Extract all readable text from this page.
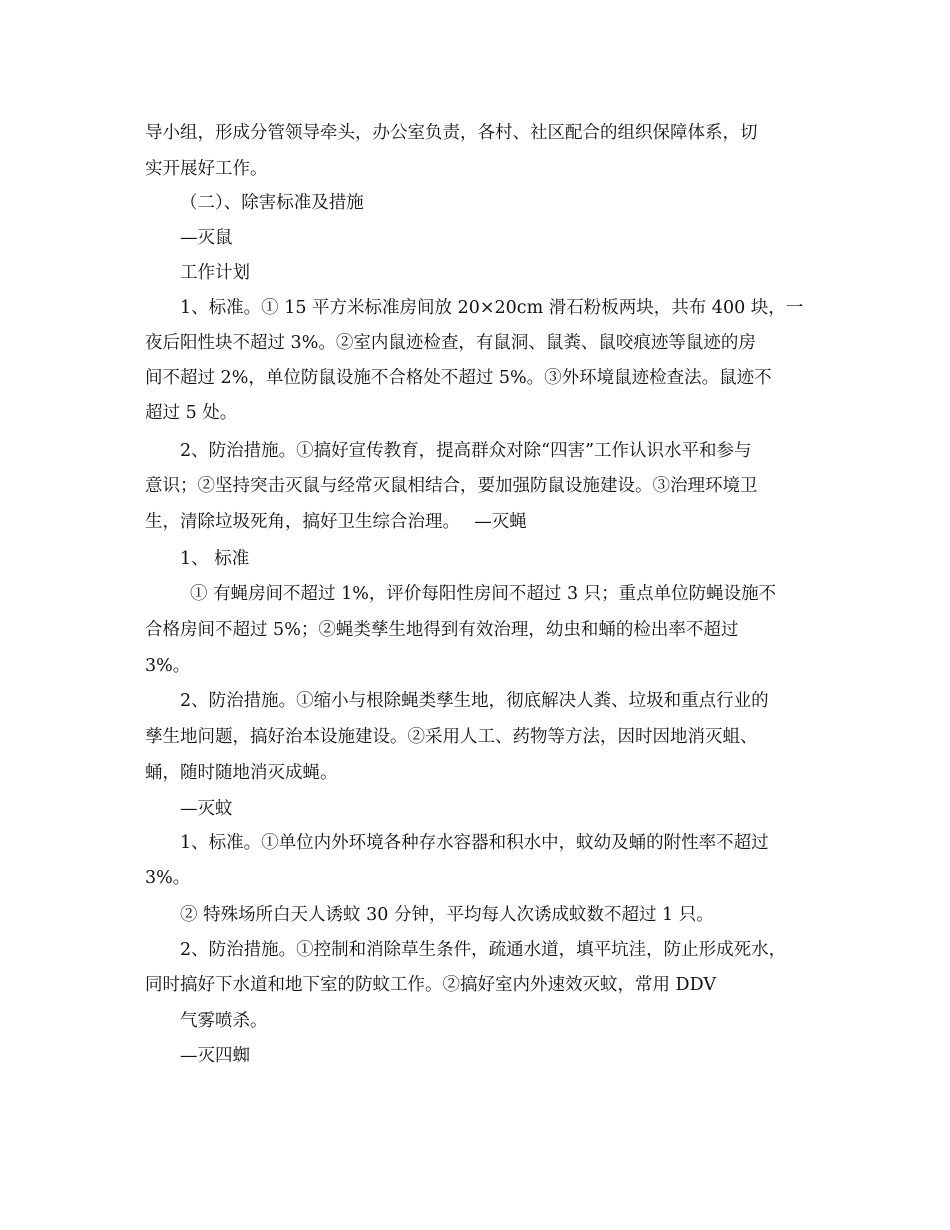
导小组，形成分管领导牵头，办公室负责，各村、社区配合的组织保障体系，切
实开展好工作。
（二）、除害标准及措施
—灭鼠
工作计划
1、标准。① 15 平方米标准房间放 20×20cm 滑石粉板两块，共布 400 块，一
夜后阳性块不超过 3%。②室内鼠迹检查，有鼠洞、鼠粪、鼠咬痕迹等鼠迹的房
间不超过 2%，单位防鼠设施不合格处不超过 5%。③外环境鼠迹检查法。鼠迹不
超过 5 处。
2、防治措施。①搞好宣传教育，提高群众对除“四害”工作认识水平和参与
意识；②坚持突击灭鼠与经常灭鼠相结合，要加强防鼠设施建设。③治理环境卫
生，清除垃圾死角，搞好卫生综合治理。　 —灭蝇
1、 标准
① 有蝇房间不超过 1%，评价每阳性房间不超过 3 只；重点单位防蝇设施不
合格房间不超过 5%；②蝇类孳生地得到有效治理，幼虫和蛹的检出率不超过
3%。
2、防治措施。①缩小与根除蝇类孳生地，彻底解决人粪、垃圾和重点行业的
孳生地问题，搞好治本设施建设。②采用人工、药物等方法，因时因地消灭蛆、
蛹，随时随地消灭成蝇。
—灭蚊
1、标准。①单位内外环境各种存水容器和积水中，蚊幼及蛹的附性率不超过
3%。
② 特殊场所白天人诱蚊 30 分钟，平均每人次诱成蚊数不超过 1 只。
2、防治措施。①控制和消除草生条件，疏通水道，填平坑洼，防止形成死水，
同时搞好下水道和地下室的防蚊工作。②搞好室内外速效灭蚊，常用 DDV
气雾喷杀。
—灭四蜘
